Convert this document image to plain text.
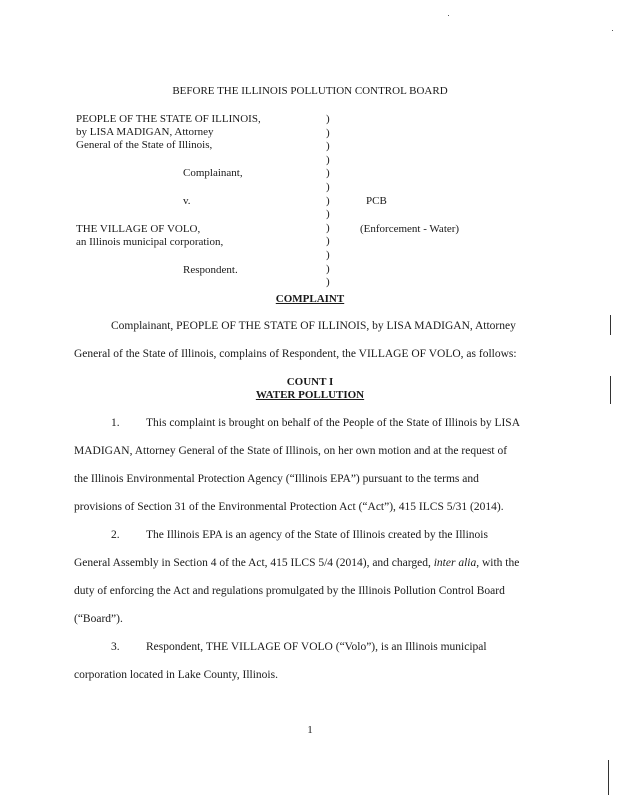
BEFORE THE ILLINOIS POLLUTION CONTROL BOARD
PEOPLE OF THE STATE OF ILLINOIS,
by LISA MADIGAN, Attorney
General of the State of Illinois,
Complainant,
v.
THE VILLAGE OF VOLO,
an Illinois municipal corporation,
Respondent.
)
)
)
)
)
)
)
)
)
)
)
)
)
PCB
(Enforcement - Water)
COMPLAINT
Complainant, PEOPLE OF THE STATE OF ILLINOIS, by LISA MADIGAN, Attorney
General of the State of Illinois, complains of Respondent, the VILLAGE OF VOLO, as follows:
COUNT I
WATER POLLUTION
1. This complaint is brought on behalf of the People of the State of Illinois by LISA
MADIGAN, Attorney General of the State of Illinois, on her own motion and at the request of
the Illinois Environmental Protection Agency (“Illinois EPA”) pursuant to the terms and
provisions of Section 31 of the Environmental Protection Act (“Act”), 415 ILCS 5/31 (2014).
2. The Illinois EPA is an agency of the State of Illinois created by the Illinois
General Assembly in Section 4 of the Act, 415 ILCS 5/4 (2014), and charged, inter alia, with the
duty of enforcing the Act and regulations promulgated by the Illinois Pollution Control Board
(“Board”).
3. Respondent, THE VILLAGE OF VOLO (“Volo”), is an Illinois municipal
corporation located in Lake County, Illinois.
1
